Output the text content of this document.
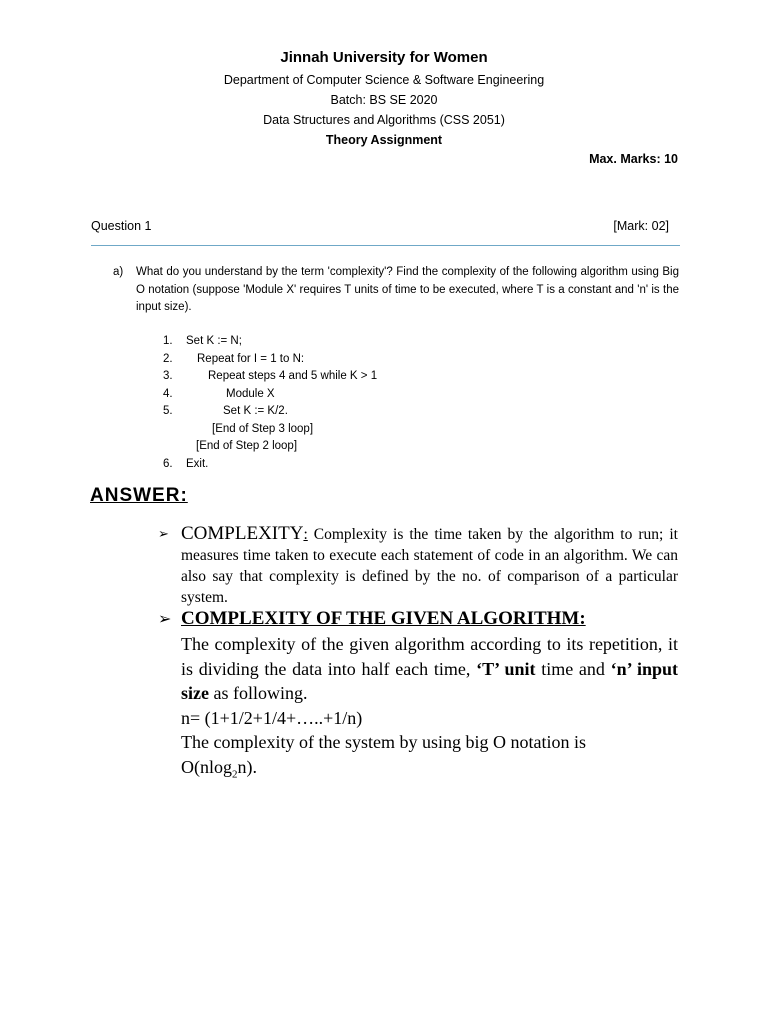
Jinnah University for Women

Department of Computer Science & Software Engineering

Batch: BS SE 2020

Data Structures and Algorithms (CSS 2051)

Theory Assignment

Max. Marks: 10
Question 1	[Mark: 02]
a) What do you understand by the term 'complexity'? Find the complexity of the following algorithm using Big O notation (suppose 'Module X' requires T units of time to be executed, where T is a constant and 'n' is the input size).
1. Set K := N;
2. Repeat for I = 1 to N:
3.	Repeat steps 4 and 5 while K > 1
4.	Module X
5.	Set K := K/2.
[End of Step 3 loop]
[End of Step 2 loop]
6. Exit.
ANSWER:
➢ COMPLEXITY: Complexity is the time taken by the algorithm to run; it measures time taken to execute each statement of code in an algorithm. We can also say that complexity is defined by the no. of comparison of a particular system.
➢ COMPLEXITY OF THE GIVEN ALGORITHM:

The complexity of the given algorithm according to its repetition, it is dividing the data into half each time, ‘T’ unit time and ‘n’ input size as following.

n= (1+1/2+1/4+…..+1/n)

The complexity of the system by using big O notation is

O(nlog$_2$n).
